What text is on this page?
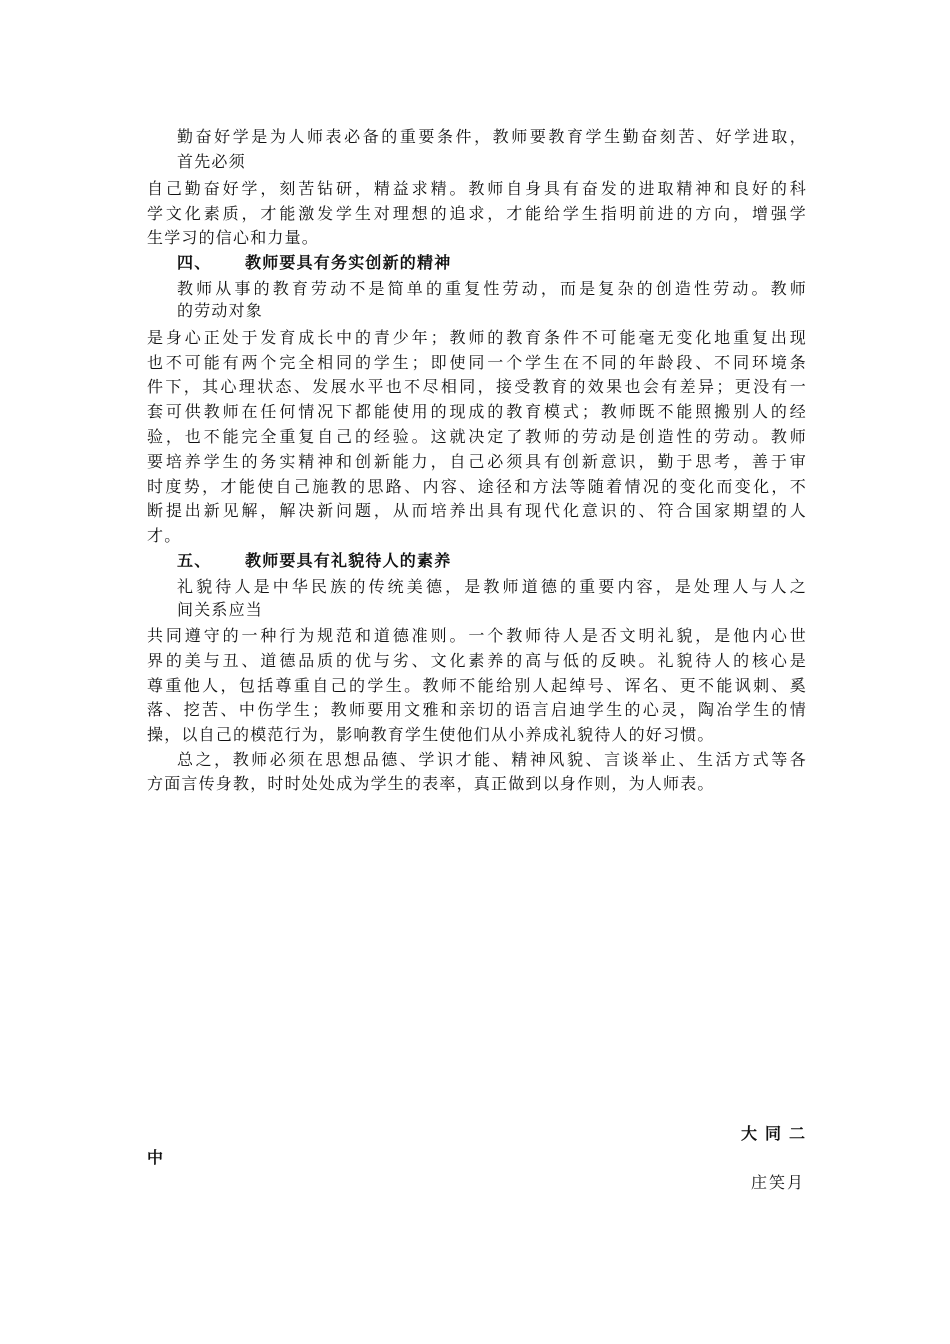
勤奋好学是为人师表必备的重要条件，教师要教育学生勤奋刻苦、好学进取，
首先必须
自己勤奋好学，刻苦钻研，精益求精。教师自身具有奋发的进取精神和良好的科
学文化素质，才能激发学生对理想的追求，才能给学生指明前进的方向，增强学
生学习的信心和力量。
四、 教师要具有务实创新的精神
教师从事的教育劳动不是简单的重复性劳动，而是复杂的创造性劳动。教师
的劳动对象
是身心正处于发育成长中的青少年；教师的教育条件不可能毫无变化地重复出现
也不可能有两个完全相同的学生；即使同一个学生在不同的年龄段、不同环境条
件下，其心理状态、发展水平也不尽相同，接受教育的效果也会有差异；更没有一
套可供教师在任何情况下都能使用的现成的教育模式；教师既不能照搬别人的经
验，也不能完全重复自己的经验。这就决定了教师的劳动是创造性的劳动。教师
要培养学生的务实精神和创新能力，自己必须具有创新意识，勤于思考，善于审
时度势，才能使自己施教的思路、内容、途径和方法等随着情况的变化而变化，不
断提出新见解，解决新问题，从而培养出具有现代化意识的、符合国家期望的人
才。
五、 教师要具有礼貌待人的素养
礼貌待人是中华民族的传统美德，是教师道德的重要内容，是处理人与人之
间关系应当
共同遵守的一种行为规范和道德准则。一个教师待人是否文明礼貌，是他内心世
界的美与丑、道德品质的优与劣、文化素养的高与低的反映。礼貌待人的核心是
尊重他人，包括尊重自己的学生。教师不能给别人起绰号、诨名、更不能讽刺、奚
落、挖苦、中伤学生；教师要用文雅和亲切的语言启迪学生的心灵，陶冶学生的情
操，以自己的模范行为，影响教育学生使他们从小养成礼貌待人的好习惯。
总之，教师必须在思想品德、学识才能、精神风貌、言谈举止、生活方式等各
方面言传身教，时时处处成为学生的表率，真正做到以身作则，为人师表。
大同二
中
庄笑月
